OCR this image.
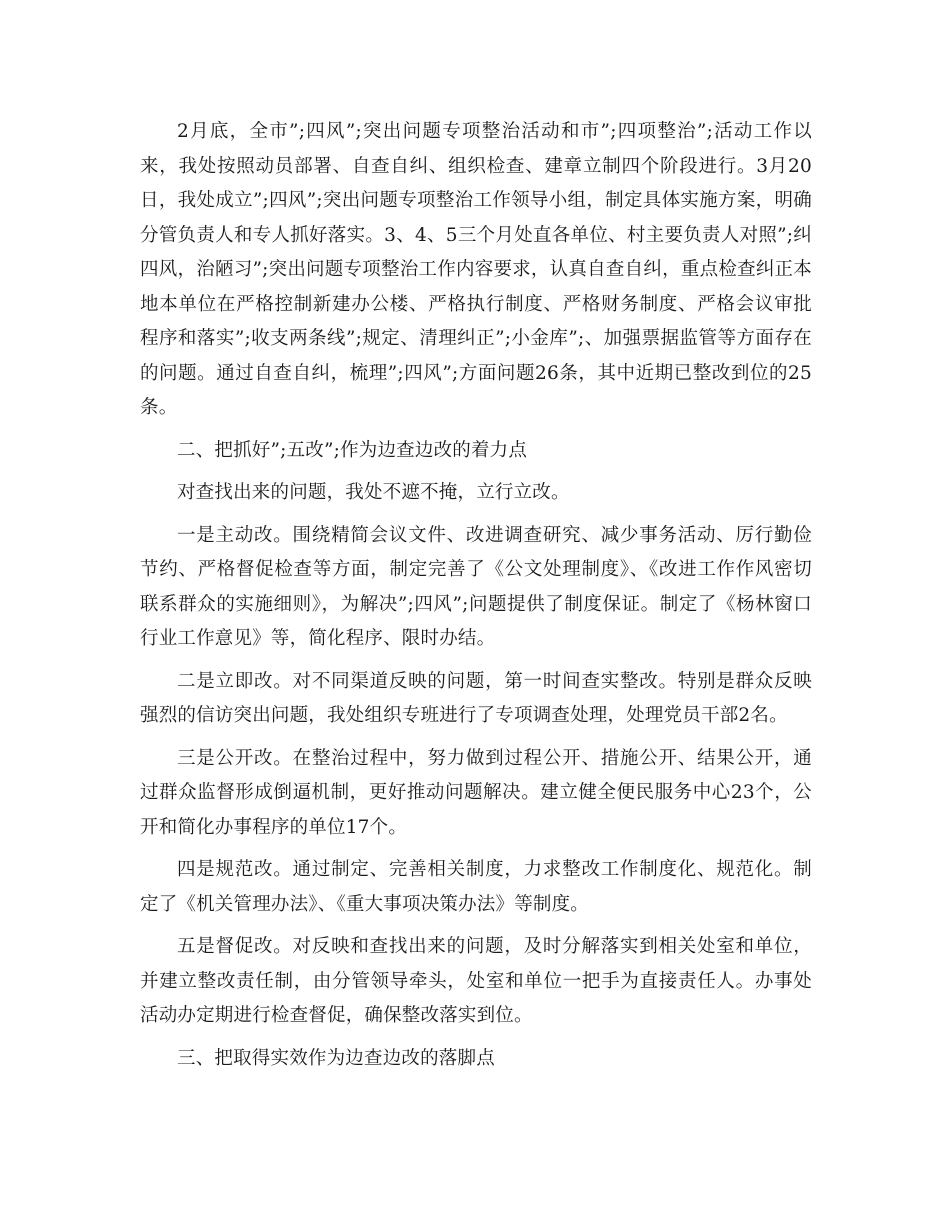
2月底，全市”;四风”;突出问题专项整治活动和市”;四项整治”;活动工作以来，我处按照动员部署、自查自纠、组织检查、建章立制四个阶段进行。3月20日，我处成立”;四风”;突出问题专项整治工作领导小组，制定具体实施方案，明确分管负责人和专人抓好落实。3、4、5三个月处直各单位、村主要负责人对照”;纠四风，治陋习”;突出问题专项整治工作内容要求，认真自查自纠，重点检查纠正本地本单位在严格控制新建办公楼、严格执行制度、严格财务制度、严格会议审批程序和落实”;收支两条线”;规定、清理纠正”;小金库”;、加强票据监管等方面存在的问题。通过自查自纠，梳理”;四风”;方面问题26条，其中近期已整改到位的25条。

二、把抓好”;五改”;作为边查边改的着力点

对查找出来的问题，我处不遮不掩，立行立改。

一是主动改。围绕精简会议文件、改进调查研究、减少事务活动、厉行勤俭节约、严格督促检查等方面，制定完善了《公文处理制度》、《改进工作作风密切联系群众的实施细则》，为解决”;四风”;问题提供了制度保证。制定了《杨林窗口行业工作意见》等，简化程序、限时办结。

二是立即改。对不同渠道反映的问题，第一时间查实整改。特别是群众反映强烈的信访突出问题，我处组织专班进行了专项调查处理，处理党员干部2名。

三是公开改。在整治过程中，努力做到过程公开、措施公开、结果公开，通过群众监督形成倒逼机制，更好推动问题解决。建立健全便民服务中心23个，公开和简化办事程序的单位17个。

四是规范改。通过制定、完善相关制度，力求整改工作制度化、规范化。制定了《机关管理办法》、《重大事项决策办法》等制度。

五是督促改。对反映和查找出来的问题，及时分解落实到相关处室和单位，并建立整改责任制，由分管领导牵头，处室和单位一把手为直接责任人。办事处活动办定期进行检查督促，确保整改落实到位。

三、把取得实效作为边查边改的落脚点
